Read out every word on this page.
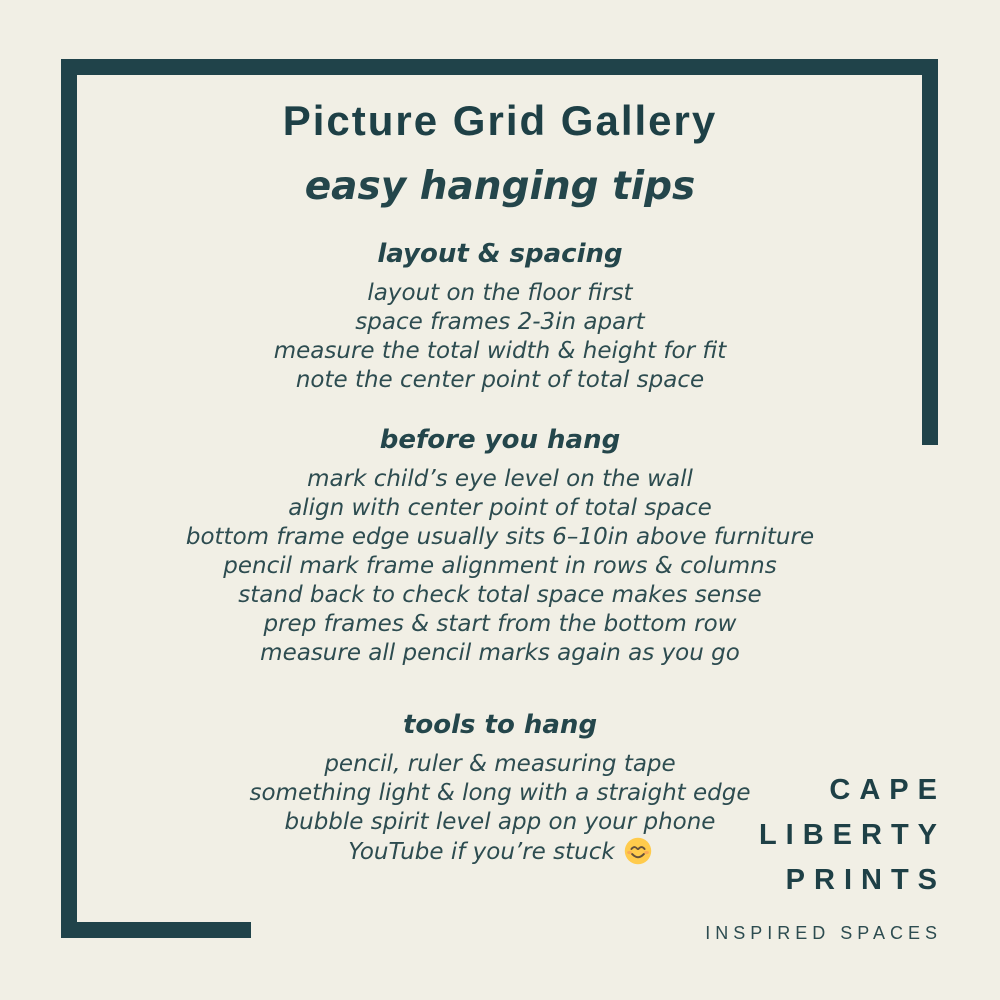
Picture Grid Gallery
easy hanging tips
layout & spacing
layout on the floor first
space frames 2-3in apart
measure the total width & height for fit
note the center point of total space
before you hang
mark child’s eye level on the wall
align with center point of total space
bottom frame edge usually sits 6–10in above furniture
pencil mark frame alignment in rows & columns
stand back to check total space makes sense
prep frames & start from the bottom row
measure all pencil marks again as you go
tools to hang
pencil, ruler & measuring tape
something light & long with a straight edge
bubble spirit level app on your phone
YouTube if you’re stuck
CAPE
LIBERTY
PRINTS
INSPIRED SPACES
